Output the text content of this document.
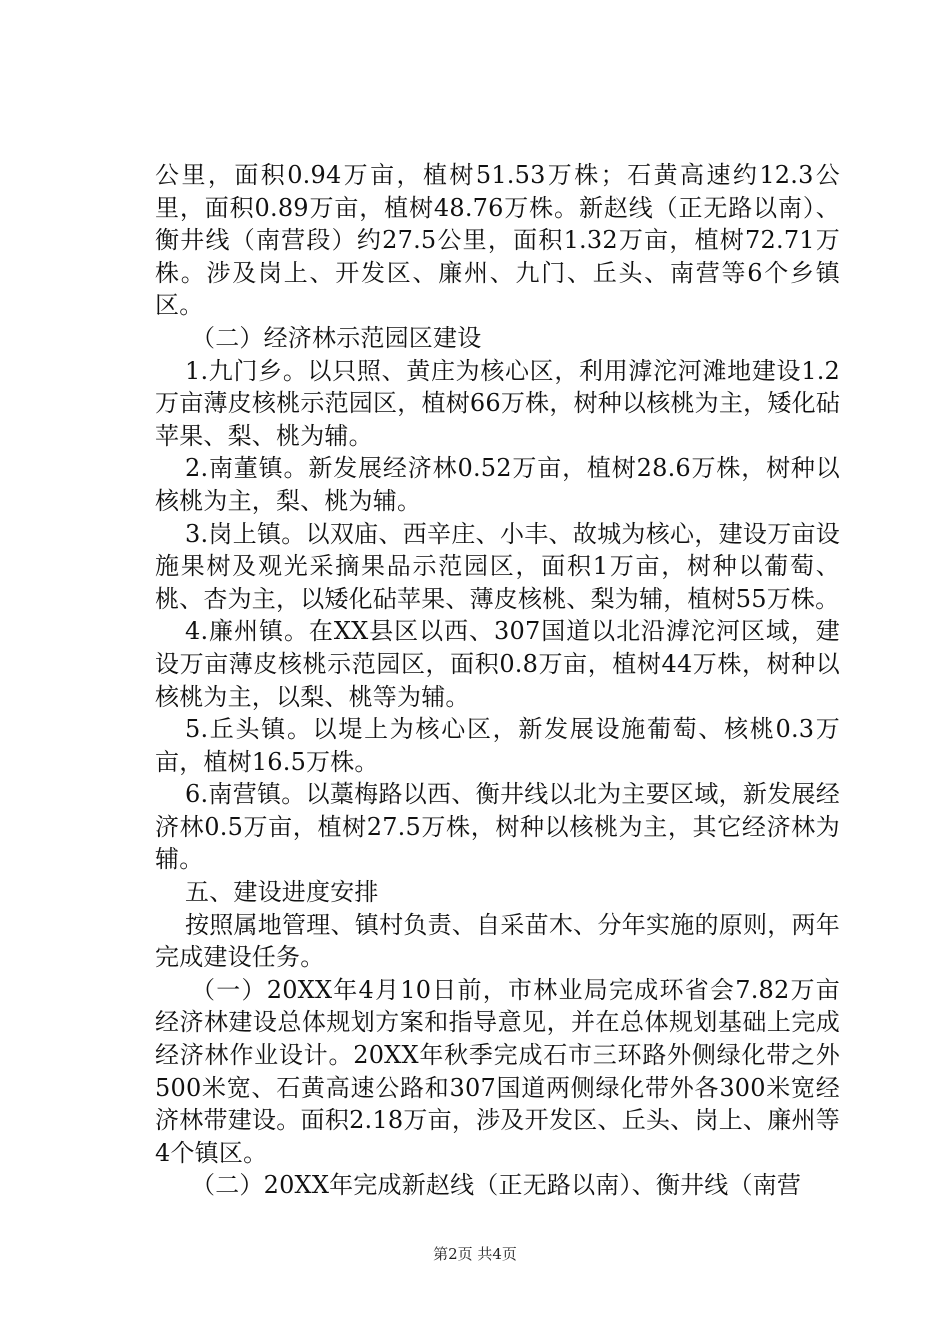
公里，面积0.94万亩，植树51.53万株；石黄高速约12.3公里，面积0.89万亩，植树48.76万株。新赵线（正无路以南）、衡井线（南营段）约27.5公里，面积1.32万亩，植树72.71万株。涉及岗上、开发区、廉州、九门、丘头、南营等6个乡镇区。

（二）经济林示范园区建设

1.九门乡。以只照、黄庄为核心区，利用滹沱河滩地建设1.2万亩薄皮核桃示范园区，植树66万株，树种以核桃为主，矮化砧苹果、梨、桃为辅。

2.南董镇。新发展经济林0.52万亩，植树28.6万株，树种以核桃为主，梨、桃为辅。

3.岗上镇。以双庙、西辛庄、小丰、故城为核心，建设万亩设施果树及观光采摘果品示范园区，面积1万亩，树种以葡萄、桃、杏为主，以矮化砧苹果、薄皮核桃、梨为辅，植树55万株。

4.廉州镇。在XX县区以西、307国道以北沿滹沱河区域，建设万亩薄皮核桃示范园区，面积0.8万亩，植树44万株，树种以核桃为主，以梨、桃等为辅。

5.丘头镇。以堤上为核心区，新发展设施葡萄、核桃0.3万亩，植树16.5万株。

6.南营镇。以藁梅路以西、衡井线以北为主要区域，新发展经济林0.5万亩，植树27.5万株，树种以核桃为主，其它经济林为辅。

五、建设进度安排

按照属地管理、镇村负责、自采苗木、分年实施的原则，两年完成建设任务。

（一）20XX年4月10日前，市林业局完成环省会7.82万亩经济林建设总体规划方案和指导意见，并在总体规划基础上完成经济林作业设计。20XX年秋季完成石市三环路外侧绿化带之外500米宽、石黄高速公路和307国道两侧绿化带外各300米宽经济林带建设。面积2.18万亩，涉及开发区、丘头、岗上、廉州等4个镇区。

（二）20XX年完成新赵线（正无路以南）、衡井线（南营

第2页 共4页
